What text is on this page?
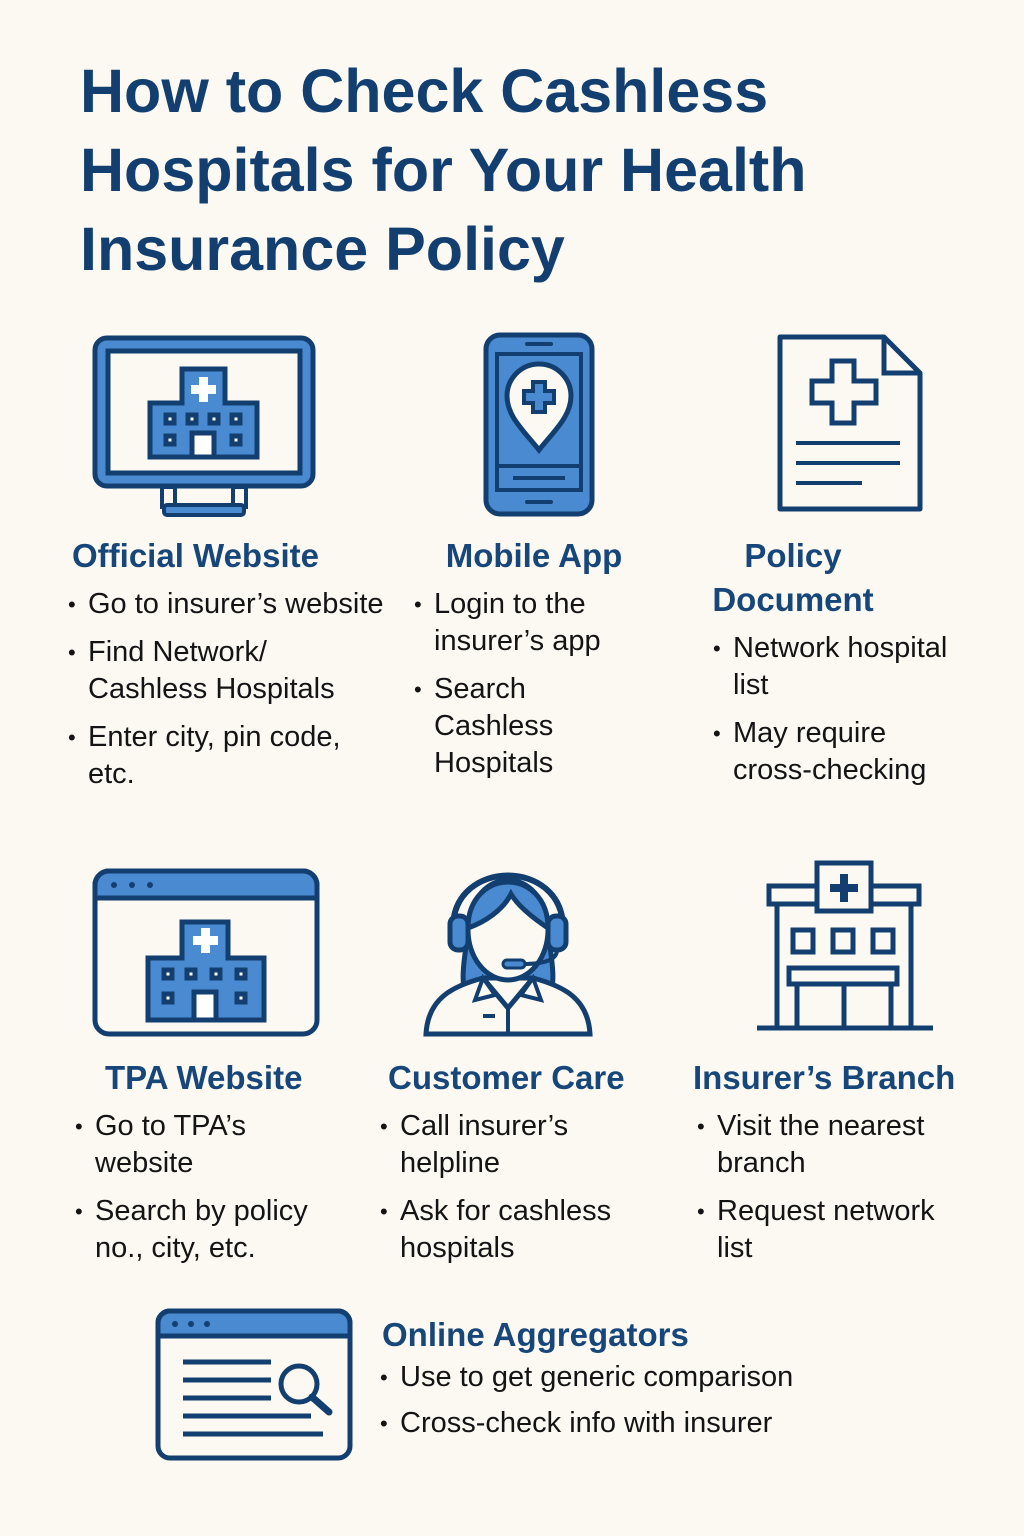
How to Check Cashless Hospitals for Your Health Insurance Policy
Official Website
• Go to insurer’s website
• Find Network/ Cashless Hospitals
• Enter city, pin code, etc.
Mobile App
• Login to the insurer’s app
• Search Cashless Hospitals
Policy Document
• Network hospital list
• May require cross-checking
TPA Website
• Go to TPA’s website
• Search by policy no., city, etc.
Customer Care
• Call insurer’s helpline
• Ask for cashless hospitals
Insurer’s Branch
• Visit the nearest branch
• Request network list
Online Aggregators
• Use to get generic comparison
• Cross-check info with insurer
